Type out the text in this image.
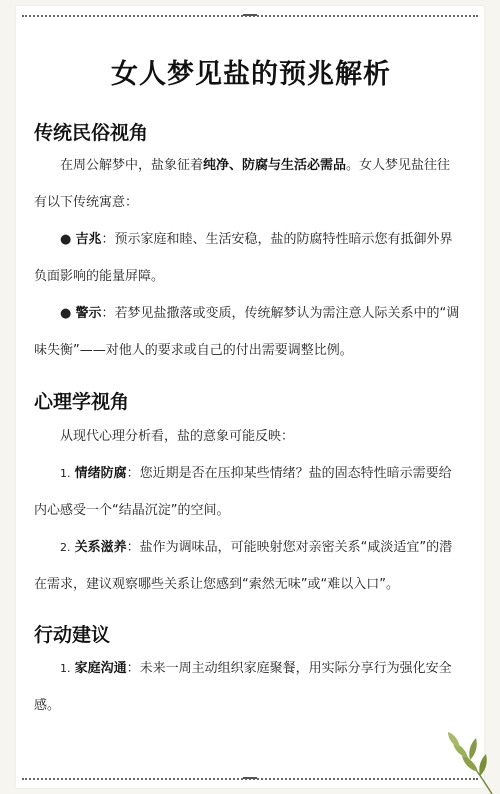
女人梦见盐的预兆解析
传统民俗视角
在周公解梦中，盐象征着纯净、防腐与生活必需品。女人梦见盐往往有以下传统寓意：
● 吉兆：预示家庭和睦、生活安稳，盐的防腐特性暗示您有抵御外界负面影响的能量屏障。
● 警示：若梦见盐撒落或变质，传统解梦认为需注意人际关系中的“调味失衡”——对他人的要求或自己的付出需要调整比例。
心理学视角
从现代心理分析看，盐的意象可能反映：
1. 情绪防腐：您近期是否在压抑某些情绪？盐的固态特性暗示需要给内心感受一个“结晶沉淀”的空间。
2. 关系滋养：盐作为调味品，可能映射您对亲密关系“咸淡适宜”的潜在需求，建议观察哪些关系让您感到“索然无味”或“难以入口”。
行动建议
1. 家庭沟通：未来一周主动组织家庭聚餐，用实际分享行为强化安全感。
